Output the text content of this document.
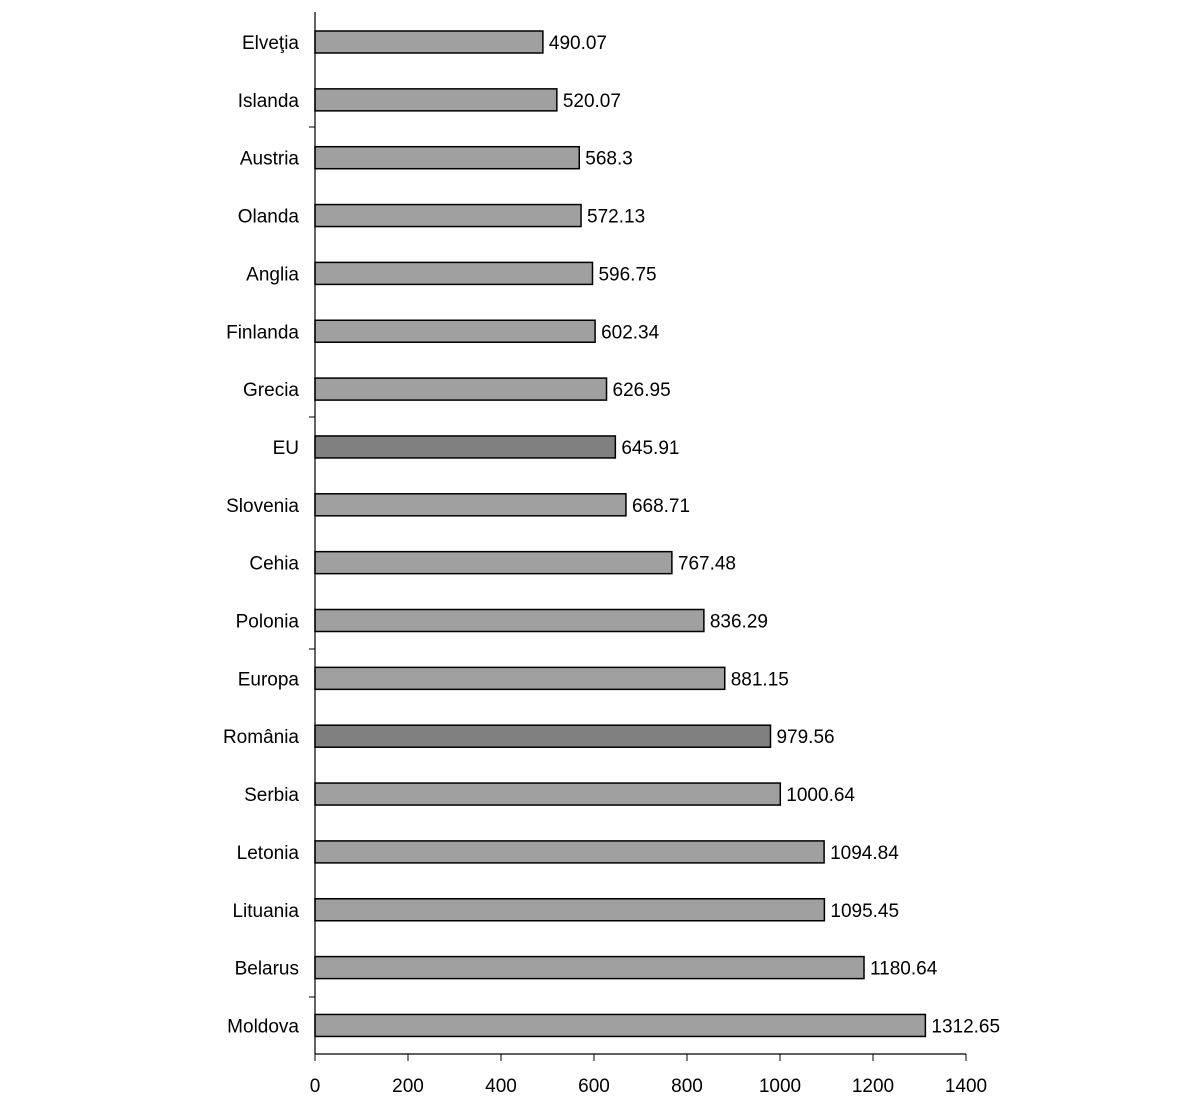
Elveţia
Islanda
Austria
Olanda
Anglia
Finlanda
Grecia
EU
Slovenia
Cehia
Polonia
Europa
România
Serbia
Letonia
Lituania
Belarus
Moldova
490.07
520.07
568.3
572.13
596.75
602.34
626.95
645.91
668.71
767.48
836.29
881.15
979.56
1000.64
1094.84
1095.45
1180.64
1312.65
0	200	400	600	800	1000	1200	1400
